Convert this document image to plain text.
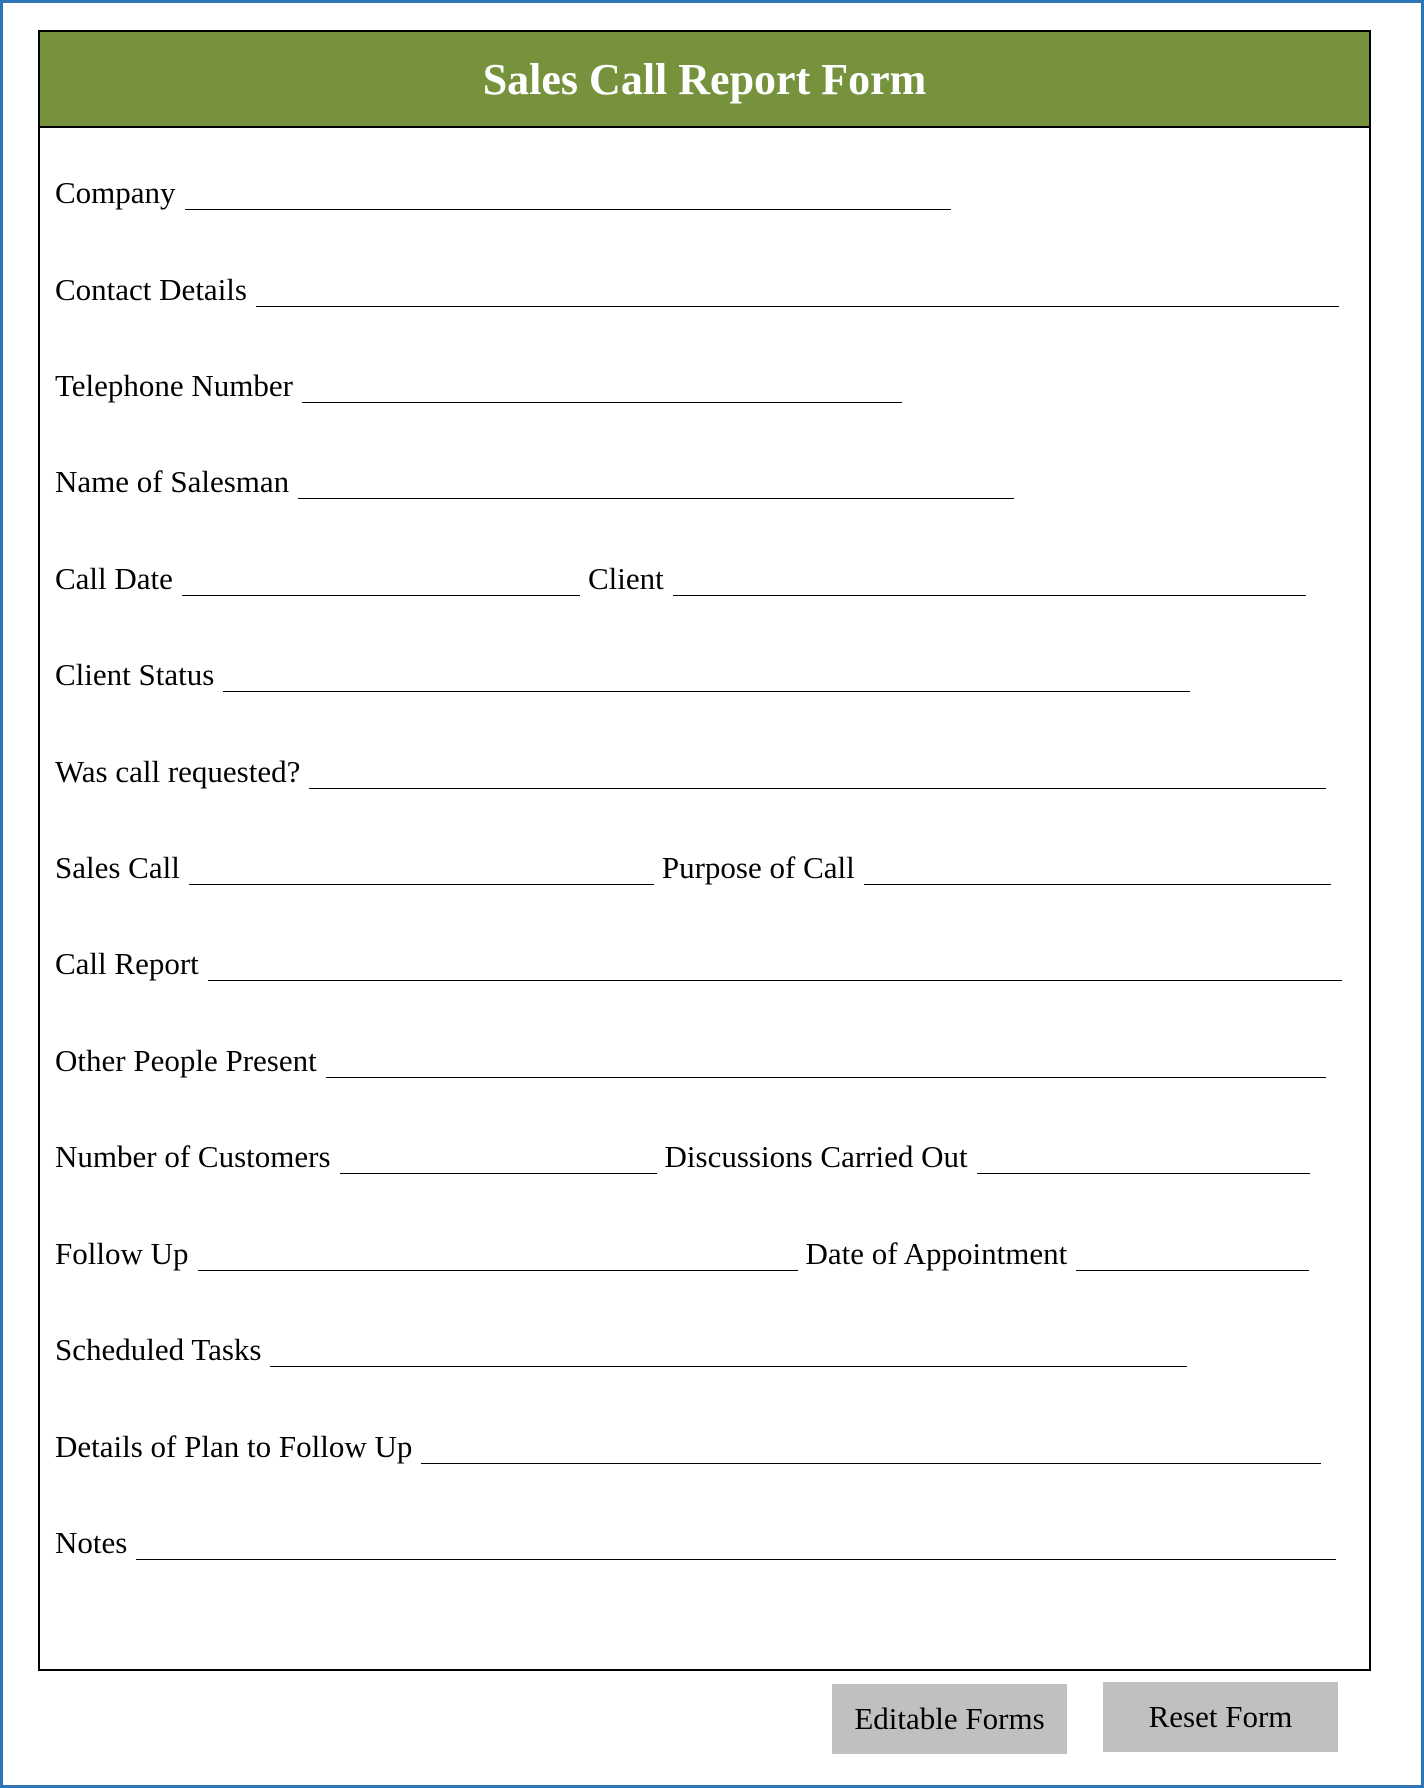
Sales Call Report Form
Company
Contact Details
Telephone Number
Name of Salesman
Call Date	Client
Client Status
Was call requested?
Sales Call	Purpose of Call
Call Report
Other People Present
Number of Customers	Discussions Carried Out
Follow Up	Date of Appointment
Scheduled Tasks
Details of Plan to Follow Up
Notes
Editable Forms	Reset Form
